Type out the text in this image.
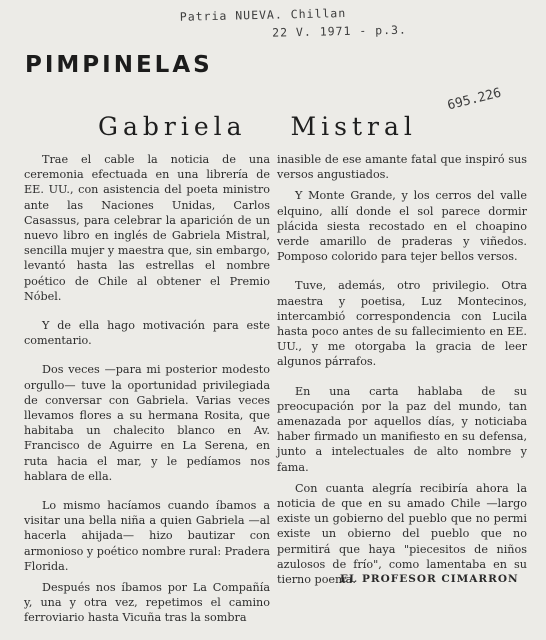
Patria NUEVA. Chillan
22 V. 1971 - p.3.
695.226
PIMPINELAS
Gabriela Mistral

Trae el cable la noticia de una ceremonia efectuada en una librería de EE. UU., con asistencia del poeta ministro ante las Naciones Unidas, Carlos Casassus, para celebrar la aparición de un nuevo libro en inglés de Gabriela Mistral, sencilla mujer y maestra que, sin embargo, levantó hasta las estrellas el nombre poético de Chile al obtener el Premio Nóbel.

Y de ella hago motivación para este comentario.

Dos veces —para mi posterior modesto orgullo— tuve la oportunidad privilegiada de conversar con Gabriela. Varias veces llevamos flores a su hermana Rosita, que habitaba un chalecito blanco en Av. Francisco de Aguirre en La Serena, en ruta hacia el mar, y le pedíamos nos hablara de ella.

Lo mismo hacíamos cuando íbamos a visitar una bella niña a quien Gabriela —al hacerla ahijada— hizo bautizar con armonioso y poético nombre rural: Pradera Florida.

Después nos íbamos por La Compañía y, una y otra vez, repetimos el camino ferroviario hasta Vicuña tras la sombra

inasible de ese amante fatal que inspiró sus versos angustiados.

Y Monte Grande, y los cerros del valle elquino, allí donde el sol parece dormir plácida siesta recostado en el choapino verde amarillo de praderas y viñedos. Pomposo colorido para tejer bellos versos.

Tuve, además, otro privilegio. Otra maestra y poetisa, Luz Montecinos, intercambió correspondencia con Lucila hasta poco antes de su fallecimiento en EE. UU., y me otorgaba la gracia de leer algunos párrafos.

En una carta hablaba de su preocupación por la paz del mundo, tan amenazada por aquellos días, y noticiaba haber firmado un manifiesto en su defensa, junto a intelectuales de alto nombre y fama.

Con cuanta alegría recibiría ahora la noticia de que en su amado Chile —largo existe un gobierno del pueblo que no permi existe un obierno del pueblo que no permitirá que haya "piecesitos de niños azulosos de frío", como lamentaba en su tierno poema.

EL PROFESOR CIMARRON
